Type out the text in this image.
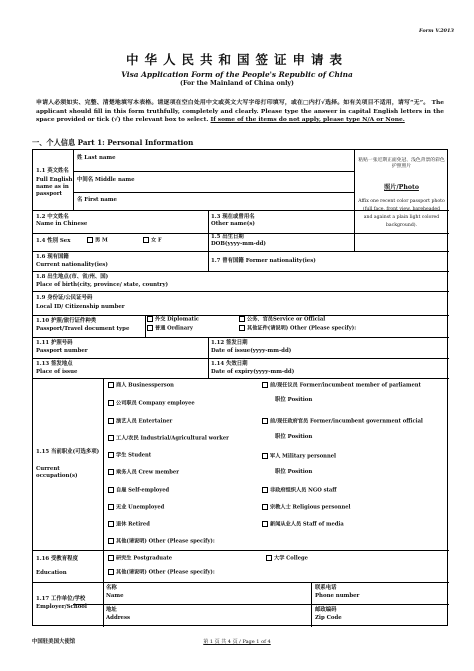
Form V.2013
中华人民共和国签证申请表
Visa Application Form of the People's Republic of China
(For the Mainland of China only)
申请人必须如实、完整、清楚地填写本表格。请逐项在空白处用中文或英文大写字母打印填写，或在□内打√选择。如有关项目不适用，请写“无”。 The applicant should fill in this form truthfully, completely and clearly. Please type the answer in capital English letters in the space provided or tick (√) the relevant box to select. If some of the items do not apply, please type N/A or None.
一、个人信息 Part 1: Personal Information
1.1 英文姓名
Full English name as in passport
姓 Last name
中间名 Middle name
名 First name
粘贴一张近期正面免冠、浅色背景的彩色护照照片
照片/Photo
Affix one recent color passport photo (full face, front view, bareheaded and against a plain light colored background).
1.2 中文姓名
Name in Chinese
1.3 现在或曾用名
Other name(s)
1.4 性别 Sex	男 M	女 F
1.5 出生日期
DOB(yyyy-mm-dd)
1.6 现有国籍
Current nationality(ies)
1.7 曾有国籍 Former nationality(ies)
1.8 出生地点(市、省/州、国)
Place of birth(city, province/ state, country)
1.9 身份证/公民证号码
Local ID/ Citizenship number
1.10 护照/旅行证件种类
Passport/Travel document type
外交 Diplomatic
普通 Ordinary
公务、官员Service or Official
其他证件(请说明) Other (Please specify):
1.11 护照号码
Passport number
1.12 签发日期
Date of issue(yyyy-mm-dd)
1.13 签发地点
Place of issue
1.14 失效日期
Date of expiry(yyyy-mm-dd)
1.15 当前职业(可选多项)
Current occupation(s)
商人 Businessperson
公司职员 Company employee
演艺人员 Entertainer
工人/农民 Industrial/Agricultural worker
学生 Student
乘务人员 Crew member
自雇 Self-employed
无业 Unemployed
退休 Retired
其他(请说明) Other (Please specify):
前/现任议员 Former/incumbent member of parliament
职位 Position
前/现任政府官员 Former/incumbent government official
职位 Position
军人 Military personnel
职位 Position
非政府组织人员 NGO staff
宗教人士 Religious personnel
新闻从业人员 Staff of media
1.16 受教育程度
Education
研究生 Postgraduate	大学 College
其他(请说明) Other (Please specify):
1.17 工作单位/学校
Employer/School
名称
Name
联系电话
Phone number
地址
Address
邮政编码
Zip Code
中国驻美国大使馆	第 1 页 共 4 页 / Page 1 of 4
